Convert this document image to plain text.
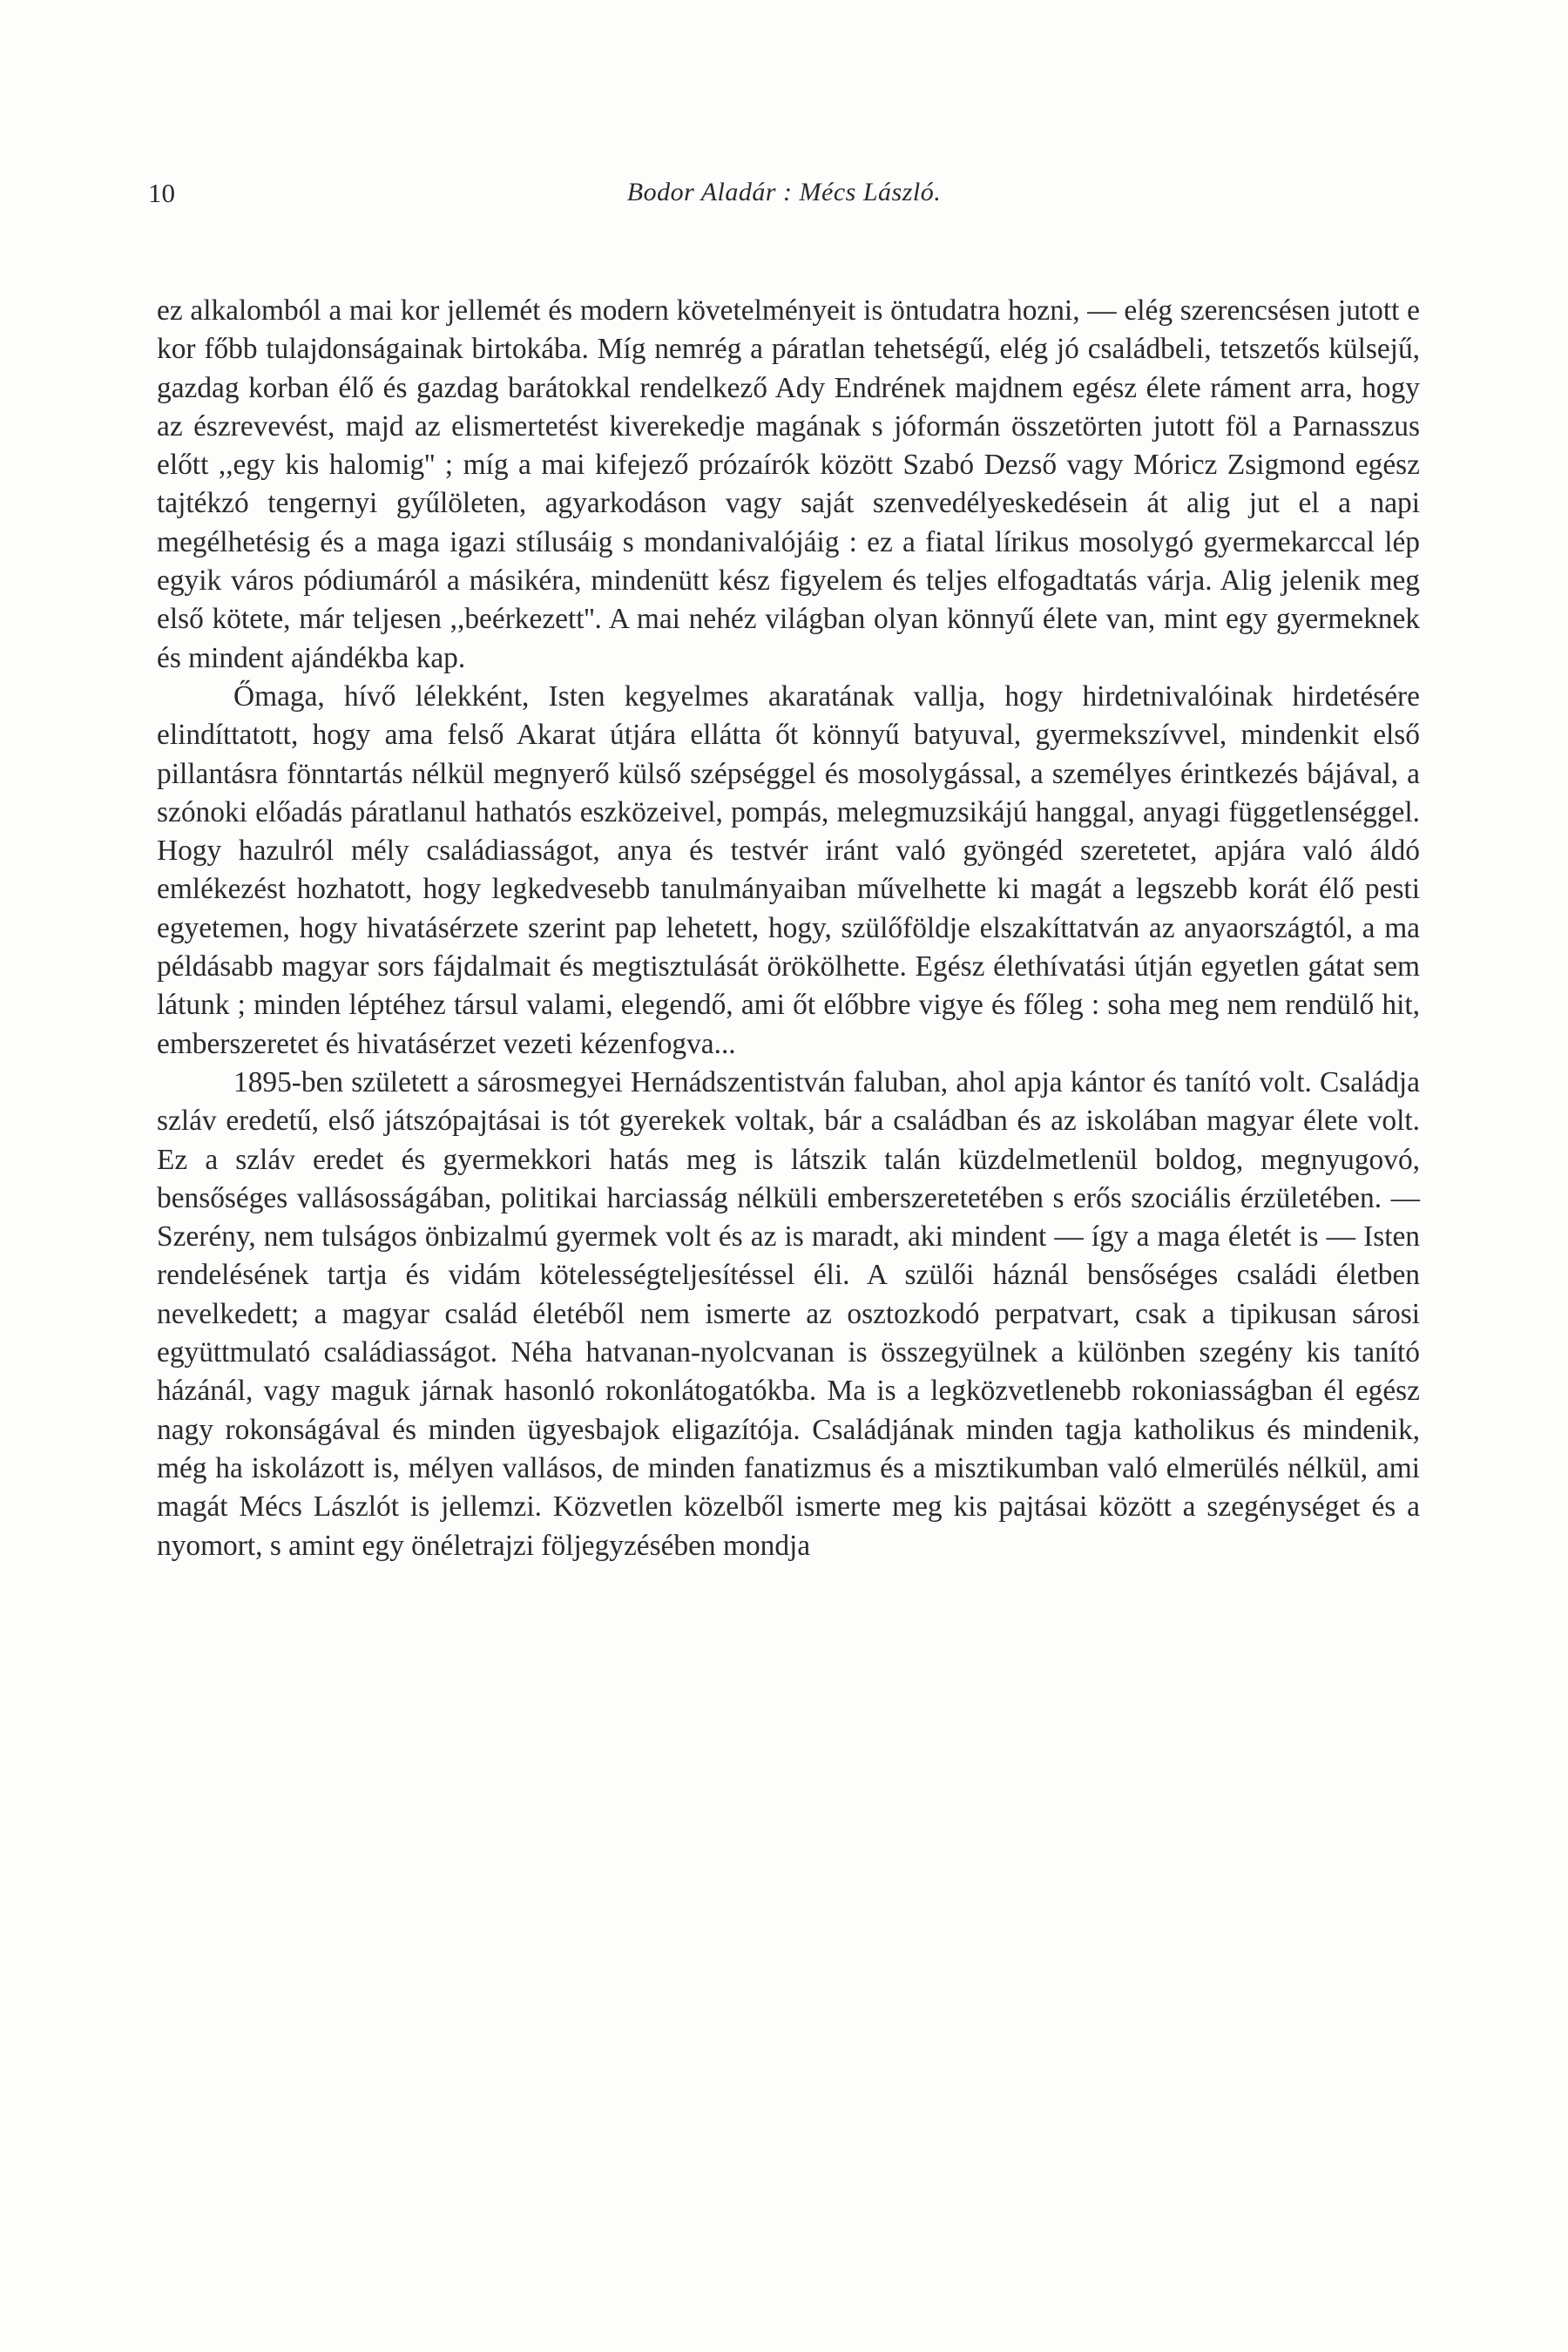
10	Bodor Aladár : Mécs László.

ez alkalomból a mai kor jellemét és modern követelményeit is öntudatra hozni, — elég szerencsésen jutott e kor főbb tulajdonságainak birtokába. Míg nemrég a páratlan tehetségű, elég jó családbeli, tetszetős külsejű, gazdag korban élő és gazdag barátokkal rendelkező Ady Endrének majdnem egész élete ráment arra, hogy az észrevevést, majd az elismertetést kiverekedje magának s jóformán összetörten jutott föl a Parnasszus előtt ,,egy kis halomig'' ; míg a mai kifejező prózaírók között Szabó Dezső vagy Móricz Zsigmond egész tajtékzó tengernyi gyűlöleten, agyarkodáson vagy saját szenvedélyeskedésein át alig jut el a napi megélhetésig és a maga igazi stílusáig s mondanivalójáig : ez a fiatal lírikus mosolygó gyermekarccal lép egyik város pódiumáról a másikéra, mindenütt kész figyelem és teljes elfogadtatás várja. Alig jelenik meg első kötete, már teljesen ,,beérkezett''. A mai nehéz világban olyan könnyű élete van, mint egy gyermeknek és mindent ajándékba kap.

Őmaga, hívő lélekként, Isten kegyelmes akaratának vallja, hogy hirdetnivalóinak hirdetésére elindíttatott, hogy ama felső Akarat útjára ellátta őt könnyű batyuval, gyermekszívvel, mindenkit első pillantásra fönntartás nélkül megnyerő külső szépséggel és mosolygással, a személyes érintkezés bájával, a szónoki előadás páratlanul hathatós eszközeivel, pompás, melegmuzsikájú hanggal, anyagi függetlenséggel. Hogy hazulról mély családiasságot, anya és testvér iránt való gyöngéd szeretetet, apjára való áldó emlékezést hozhatott, hogy legkedvesebb tanulmányaiban művelhette ki magát a legszebb korát élő pesti egyetemen, hogy hivatásérzete szerint pap lehetett, hogy, szülőföldje elszakíttatván az anyaországtól, a ma példásabb magyar sors fájdalmait és megtisztulását örökölhette. Egész élethívatási útján egyetlen gátat sem látunk ; minden léptéhez társul valami, elegendő, ami őt előbbre vigye és főleg : soha meg nem rendülő hit, emberszeretet és hivatásérzet vezeti kézenfogva...

1895-ben született a sárosmegyei Hernádszentistván faluban, ahol apja kántor és tanító volt. Családja szláv eredetű, első játszópajtásai is tót gyerekek voltak, bár a családban és az iskolában magyar élete volt. Ez a szláv eredet és gyermekkori hatás meg is látszik talán küzdelmetlenül boldog, megnyugovó, bensőséges vallásosságában, politikai harciasság nélküli emberszeretetében s erős szociális érzületében. — Szerény, nem tulságos önbizalmú gyermek volt és az is maradt, aki mindent — így a maga életét is — Isten rendelésének tartja és vidám kötelességteljesítéssel éli. A szülői háznál bensőséges családi életben nevelkedett; a magyar család életéből nem ismerte az osztozkodó perpatvart, csak a tipikusan sárosi együttmulató családiasságot. Néha hatvanan-nyolcvanan is összegyülnek a különben szegény kis tanító házánál, vagy maguk járnak hasonló rokonlátogatókba. Ma is a legközvetlenebb rokoniasságban él egész nagy rokonságával és minden ügyesbajok eligazítója. Családjának minden tagja katholikus és mindenik, még ha iskolázott is, mélyen vallásos, de minden fanatizmus és a misztikumban való elmerülés nélkül, ami magát Mécs Lászlót is jellemzi. Közvetlen közelből ismerte meg kis pajtásai között a szegénységet és a nyomort, s amint egy önéletrajzi följegyzésében mondja
